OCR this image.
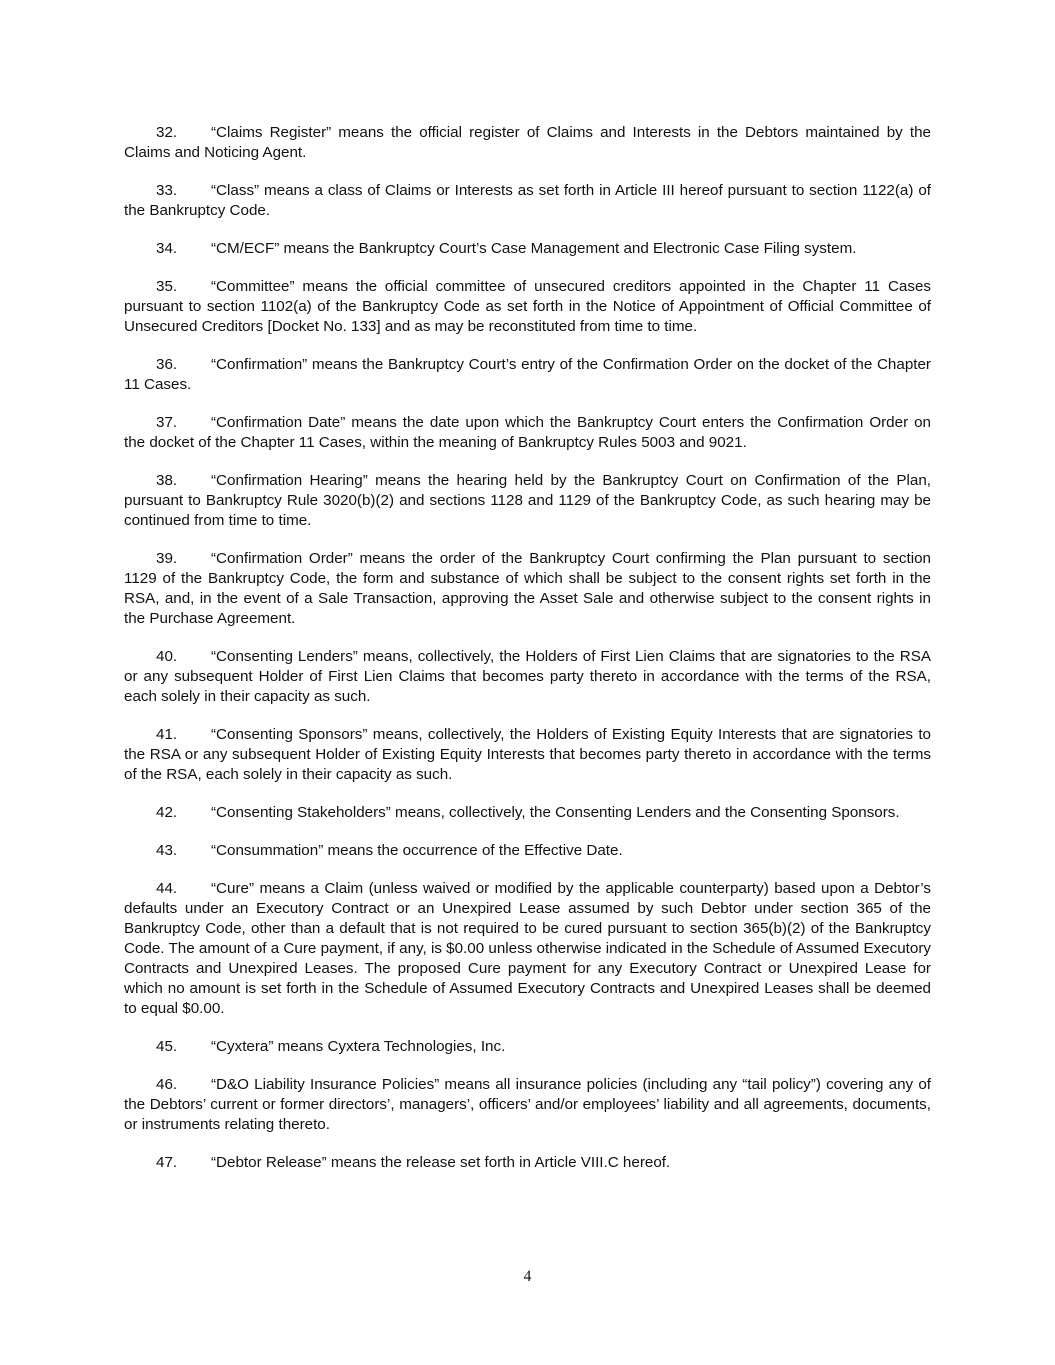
32. “Claims Register” means the official register of Claims and Interests in the Debtors maintained by the Claims and Noticing Agent.

33. “Class” means a class of Claims or Interests as set forth in Article III hereof pursuant to section 1122(a) of the Bankruptcy Code.

34. “CM/ECF” means the Bankruptcy Court’s Case Management and Electronic Case Filing system.

35. “Committee” means the official committee of unsecured creditors appointed in the Chapter 11 Cases pursuant to section 1102(a) of the Bankruptcy Code as set forth in the Notice of Appointment of Official Committee of Unsecured Creditors [Docket No. 133] and as may be reconstituted from time to time.

36. “Confirmation” means the Bankruptcy Court’s entry of the Confirmation Order on the docket of the Chapter 11 Cases.

37. “Confirmation Date” means the date upon which the Bankruptcy Court enters the Confirmation Order on the docket of the Chapter 11 Cases, within the meaning of Bankruptcy Rules 5003 and 9021.

38. “Confirmation Hearing” means the hearing held by the Bankruptcy Court on Confirmation of the Plan, pursuant to Bankruptcy Rule 3020(b)(2) and sections 1128 and 1129 of the Bankruptcy Code, as such hearing may be continued from time to time.

39. “Confirmation Order” means the order of the Bankruptcy Court confirming the Plan pursuant to section 1129 of the Bankruptcy Code, the form and substance of which shall be subject to the consent rights set forth in the RSA, and, in the event of a Sale Transaction, approving the Asset Sale and otherwise subject to the consent rights in the Purchase Agreement.

40. “Consenting Lenders” means, collectively, the Holders of First Lien Claims that are signatories to the RSA or any subsequent Holder of First Lien Claims that becomes party thereto in accordance with the terms of the RSA, each solely in their capacity as such.

41. “Consenting Sponsors” means, collectively, the Holders of Existing Equity Interests that are signatories to the RSA or any subsequent Holder of Existing Equity Interests that becomes party thereto in accordance with the terms of the RSA, each solely in their capacity as such.

42. “Consenting Stakeholders” means, collectively, the Consenting Lenders and the Consenting Sponsors.

43. “Consummation” means the occurrence of the Effective Date.

44. “Cure” means a Claim (unless waived or modified by the applicable counterparty) based upon a Debtor’s defaults under an Executory Contract or an Unexpired Lease assumed by such Debtor under section 365 of the Bankruptcy Code, other than a default that is not required to be cured pursuant to section 365(b)(2) of the Bankruptcy Code. The amount of a Cure payment, if any, is $0.00 unless otherwise indicated in the Schedule of Assumed Executory Contracts and Unexpired Leases. The proposed Cure payment for any Executory Contract or Unexpired Lease for which no amount is set forth in the Schedule of Assumed Executory Contracts and Unexpired Leases shall be deemed to equal $0.00.

45. “Cyxtera” means Cyxtera Technologies, Inc.

46. “D&O Liability Insurance Policies” means all insurance policies (including any “tail policy”) covering any of the Debtors’ current or former directors’, managers’, officers’ and/or employees’ liability and all agreements, documents, or instruments relating thereto.

47. “Debtor Release” means the release set forth in Article VIII.C hereof.

4
